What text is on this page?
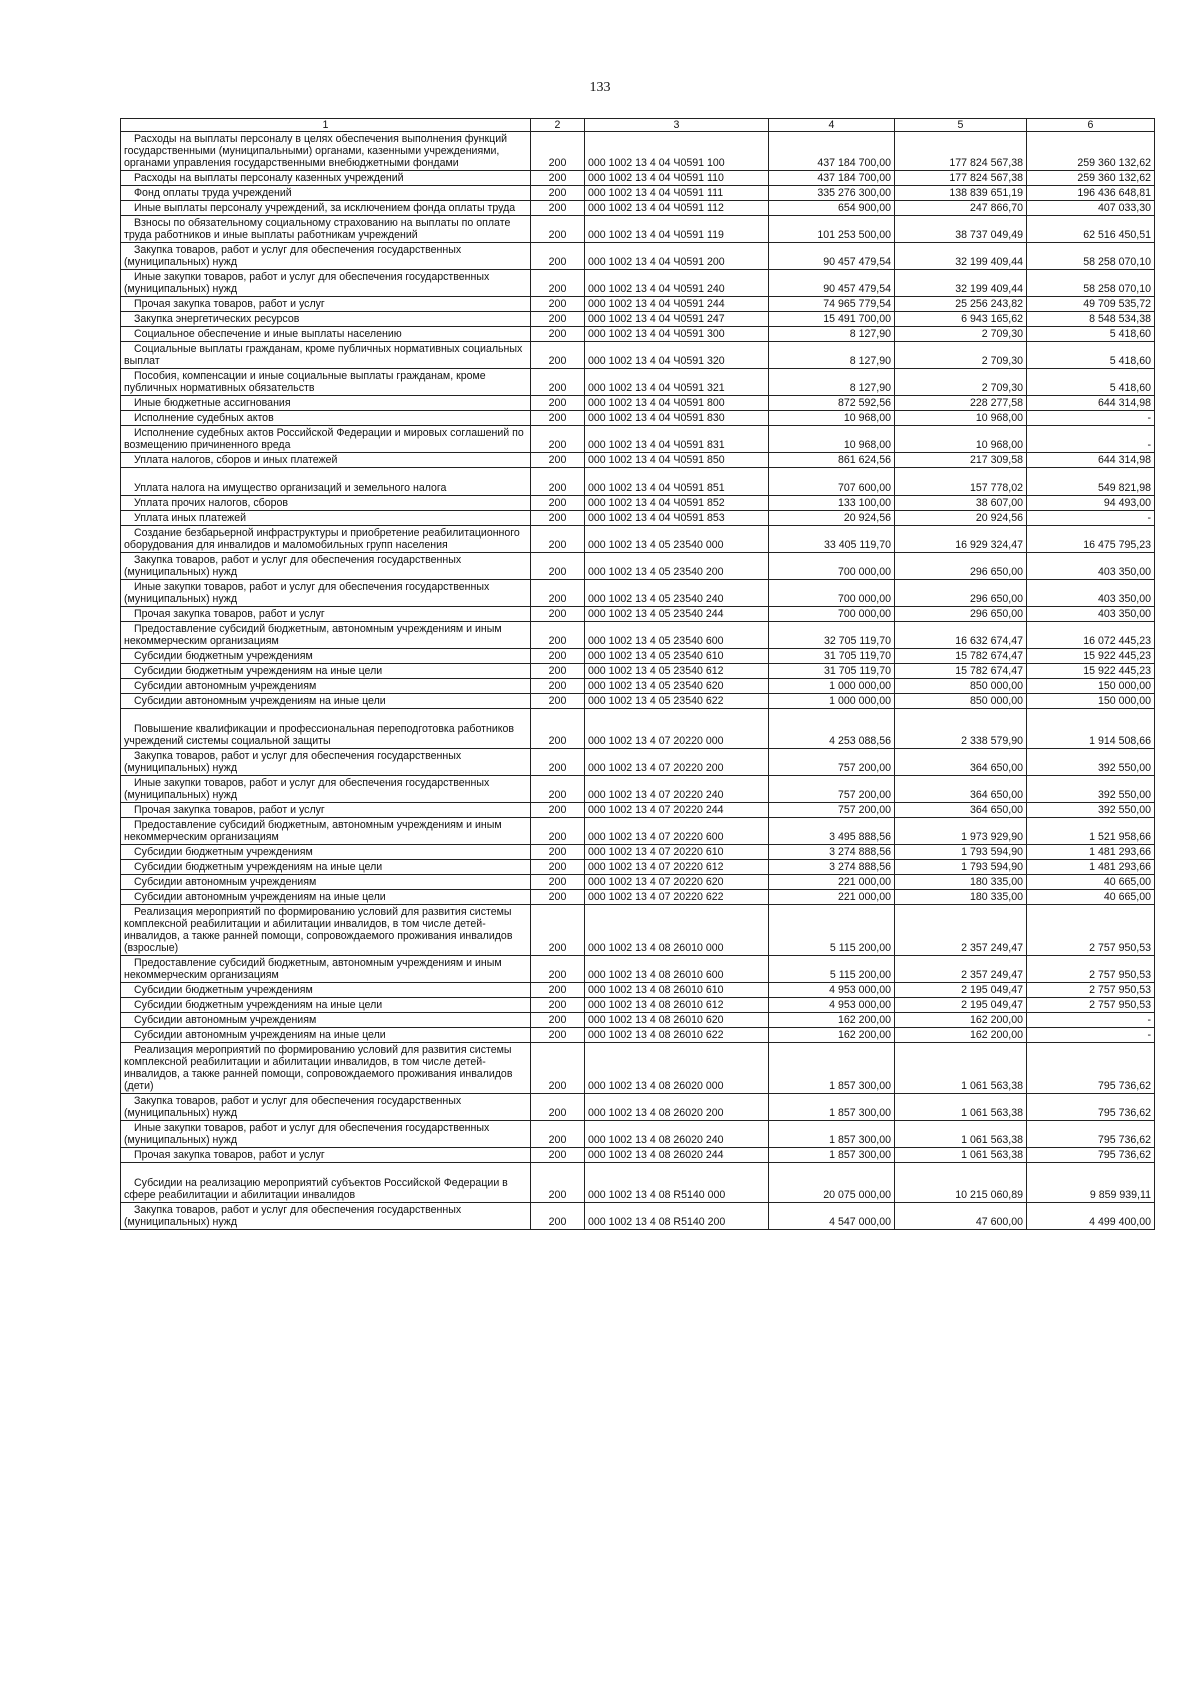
133
1	2	3	4	5	6
Расходы на выплаты персоналу в целях обеспечения выполнения функций государственными (муниципальными) органами, казенными учреждениями, органами управления государственными внебюджетными фондами	200	000 1002 13 4 04 Ч0591 100	437 184 700,00	177 824 567,38	259 360 132,62
Расходы на выплаты персоналу казенных учреждений	200	000 1002 13 4 04 Ч0591 110	437 184 700,00	177 824 567,38	259 360 132,62
Фонд оплаты труда учреждений	200	000 1002 13 4 04 Ч0591 111	335 276 300,00	138 839 651,19	196 436 648,81
Иные выплаты персоналу учреждений, за исключением фонда оплаты труда	200	000 1002 13 4 04 Ч0591 112	654 900,00	247 866,70	407 033,30
Взносы по обязательному социальному страхованию на выплаты по оплате труда работников и иные выплаты работникам учреждений	200	000 1002 13 4 04 Ч0591 119	101 253 500,00	38 737 049,49	62 516 450,51
Закупка товаров, работ и услуг для обеспечения государственных (муниципальных) нужд	200	000 1002 13 4 04 Ч0591 200	90 457 479,54	32 199 409,44	58 258 070,10
Иные закупки товаров, работ и услуг для обеспечения государственных (муниципальных) нужд	200	000 1002 13 4 04 Ч0591 240	90 457 479,54	32 199 409,44	58 258 070,10
Прочая закупка товаров, работ и услуг	200	000 1002 13 4 04 Ч0591 244	74 965 779,54	25 256 243,82	49 709 535,72
Закупка энергетических ресурсов	200	000 1002 13 4 04 Ч0591 247	15 491 700,00	6 943 165,62	8 548 534,38
Социальное обеспечение и иные выплаты населению	200	000 1002 13 4 04 Ч0591 300	8 127,90	2 709,30	5 418,60
Социальные выплаты гражданам, кроме публичных нормативных социальных выплат	200	000 1002 13 4 04 Ч0591 320	8 127,90	2 709,30	5 418,60
Пособия, компенсации и иные социальные выплаты гражданам, кроме публичных нормативных обязательств	200	000 1002 13 4 04 Ч0591 321	8 127,90	2 709,30	5 418,60
Иные бюджетные ассигнования	200	000 1002 13 4 04 Ч0591 800	872 592,56	228 277,58	644 314,98
Исполнение судебных актов	200	000 1002 13 4 04 Ч0591 830	10 968,00	10 968,00	-
Исполнение судебных актов Российской Федерации и мировых соглашений по возмещению причиненного вреда	200	000 1002 13 4 04 Ч0591 831	10 968,00	10 968,00	-
Уплата налогов, сборов и иных платежей	200	000 1002 13 4 04 Ч0591 850	861 624,56	217 309,58	644 314,98
Уплата налога на имущество организаций и земельного налога	200	000 1002 13 4 04 Ч0591 851	707 600,00	157 778,02	549 821,98
Уплата прочих налогов, сборов	200	000 1002 13 4 04 Ч0591 852	133 100,00	38 607,00	94 493,00
Уплата иных платежей	200	000 1002 13 4 04 Ч0591 853	20 924,56	20 924,56	-
Создание безбарьерной инфраструктуры и приобретение реабилитационного оборудования для инвалидов и маломобильных групп населения	200	000 1002 13 4 05 23540 000	33 405 119,70	16 929 324,47	16 475 795,23
Закупка товаров, работ и услуг для обеспечения государственных (муниципальных) нужд	200	000 1002 13 4 05 23540 200	700 000,00	296 650,00	403 350,00
Иные закупки товаров, работ и услуг для обеспечения государственных (муниципальных) нужд	200	000 1002 13 4 05 23540 240	700 000,00	296 650,00	403 350,00
Прочая закупка товаров, работ и услуг	200	000 1002 13 4 05 23540 244	700 000,00	296 650,00	403 350,00
Предоставление субсидий бюджетным, автономным учреждениям и иным некоммерческим организациям	200	000 1002 13 4 05 23540 600	32 705 119,70	16 632 674,47	16 072 445,23
Субсидии бюджетным учреждениям	200	000 1002 13 4 05 23540 610	31 705 119,70	15 782 674,47	15 922 445,23
Субсидии бюджетным учреждениям на иные цели	200	000 1002 13 4 05 23540 612	31 705 119,70	15 782 674,47	15 922 445,23
Субсидии автономным учреждениям	200	000 1002 13 4 05 23540 620	1 000 000,00	850 000,00	150 000,00
Субсидии автономным учреждениям на иные цели	200	000 1002 13 4 05 23540 622	1 000 000,00	850 000,00	150 000,00
Повышение квалификации и профессиональная переподготовка работников учреждений системы социальной защиты	200	000 1002 13 4 07 20220 000	4 253 088,56	2 338 579,90	1 914 508,66
Закупка товаров, работ и услуг для обеспечения государственных (муниципальных) нужд	200	000 1002 13 4 07 20220 200	757 200,00	364 650,00	392 550,00
Иные закупки товаров, работ и услуг для обеспечения государственных (муниципальных) нужд	200	000 1002 13 4 07 20220 240	757 200,00	364 650,00	392 550,00
Прочая закупка товаров, работ и услуг	200	000 1002 13 4 07 20220 244	757 200,00	364 650,00	392 550,00
Предоставление субсидий бюджетным, автономным учреждениям и иным некоммерческим организациям	200	000 1002 13 4 07 20220 600	3 495 888,56	1 973 929,90	1 521 958,66
Субсидии бюджетным учреждениям	200	000 1002 13 4 07 20220 610	3 274 888,56	1 793 594,90	1 481 293,66
Субсидии бюджетным учреждениям на иные цели	200	000 1002 13 4 07 20220 612	3 274 888,56	1 793 594,90	1 481 293,66
Субсидии автономным учреждениям	200	000 1002 13 4 07 20220 620	221 000,00	180 335,00	40 665,00
Субсидии автономным учреждениям на иные цели	200	000 1002 13 4 07 20220 622	221 000,00	180 335,00	40 665,00
Реализация мероприятий по формированию условий для развития системы комплексной реабилитации и абилитации инвалидов, в том числе детей-инвалидов, а также ранней помощи, сопровождаемого проживания инвалидов (взрослые)	200	000 1002 13 4 08 26010 000	5 115 200,00	2 357 249,47	2 757 950,53
Предоставление субсидий бюджетным, автономным учреждениям и иным некоммерческим организациям	200	000 1002 13 4 08 26010 600	5 115 200,00	2 357 249,47	2 757 950,53
Субсидии бюджетным учреждениям	200	000 1002 13 4 08 26010 610	4 953 000,00	2 195 049,47	2 757 950,53
Субсидии бюджетным учреждениям на иные цели	200	000 1002 13 4 08 26010 612	4 953 000,00	2 195 049,47	2 757 950,53
Субсидии автономным учреждениям	200	000 1002 13 4 08 26010 620	162 200,00	162 200,00	-
Субсидии автономным учреждениям на иные цели	200	000 1002 13 4 08 26010 622	162 200,00	162 200,00	-
Реализация мероприятий по формированию условий для развития системы комплексной реабилитации и абилитации инвалидов, в том числе детей-инвалидов, а также ранней помощи, сопровождаемого проживания инвалидов (дети)	200	000 1002 13 4 08 26020 000	1 857 300,00	1 061 563,38	795 736,62
Закупка товаров, работ и услуг для обеспечения государственных (муниципальных) нужд	200	000 1002 13 4 08 26020 200	1 857 300,00	1 061 563,38	795 736,62
Иные закупки товаров, работ и услуг для обеспечения государственных (муниципальных) нужд	200	000 1002 13 4 08 26020 240	1 857 300,00	1 061 563,38	795 736,62
Прочая закупка товаров, работ и услуг	200	000 1002 13 4 08 26020 244	1 857 300,00	1 061 563,38	795 736,62
Субсидии на реализацию мероприятий субъектов Российской Федерации в сфере реабилитации и абилитации инвалидов	200	000 1002 13 4 08 R5140 000	20 075 000,00	10 215 060,89	9 859 939,11
Закупка товаров, работ и услуг для обеспечения государственных (муниципальных) нужд	200	000 1002 13 4 08 R5140 200	4 547 000,00	47 600,00	4 499 400,00
